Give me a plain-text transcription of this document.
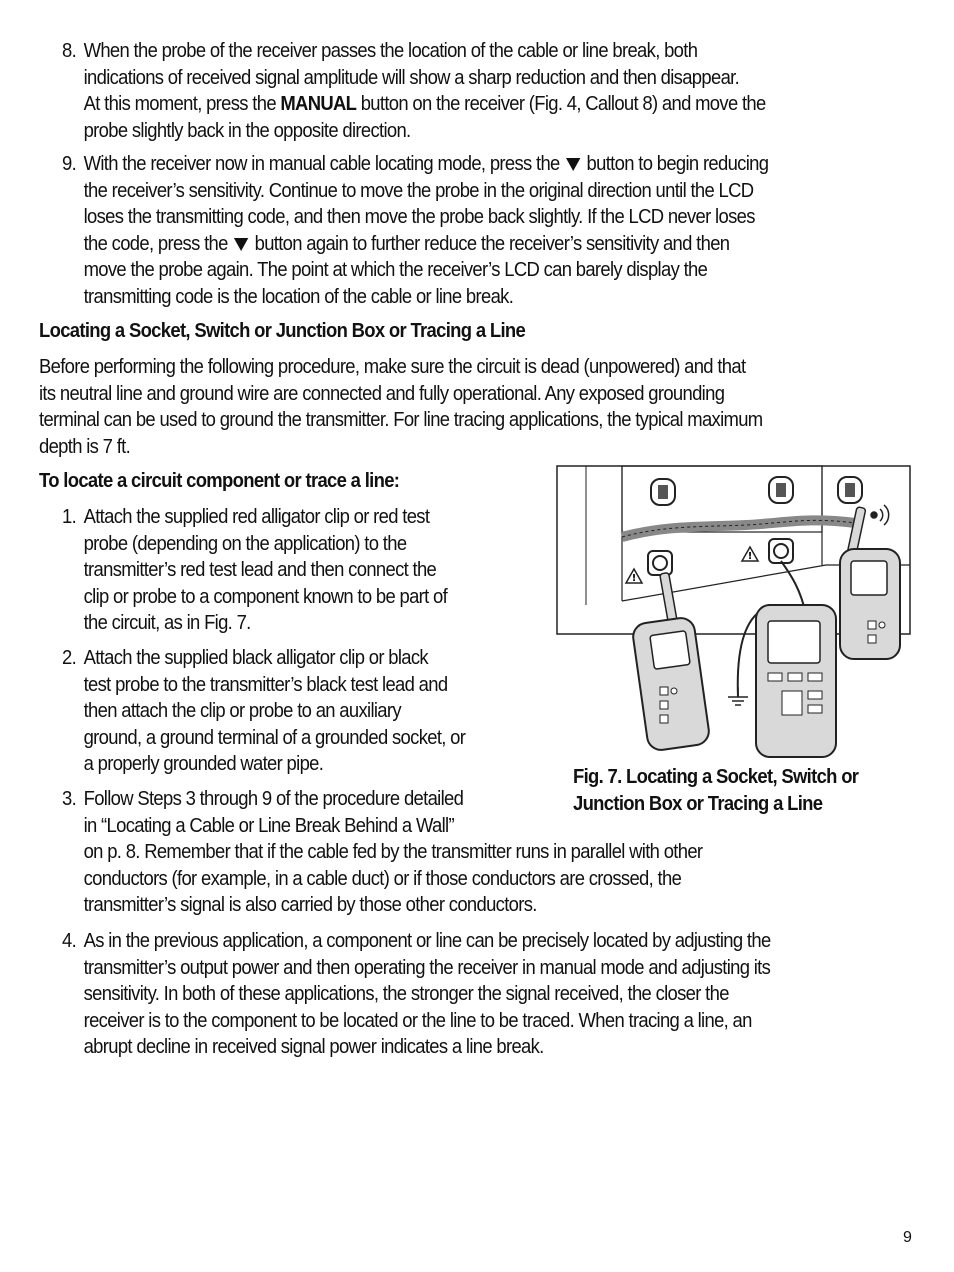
8. When the probe of the receiver passes the location of the cable or line break, both
indications of received signal amplitude will show a sharp reduction and then disappear.
At this moment, press the MANUAL button on the receiver (Fig. 4, Callout 8) and move the
probe slightly back in the opposite direction.
9. With the receiver now in manual cable locating mode, press the  button to begin reducing
the receiver’s sensitivity. Continue to move the probe in the original direction until the LCD
loses the transmitting code, and then move the probe back slightly. If the LCD never loses
the code, press the  button again to further reduce the receiver’s sensitivity and then
move the probe again. The point at which the receiver’s LCD can barely display the
transmitting code is the location of the cable or line break.
Locating a Socket, Switch or Junction Box or Tracing a Line
Before performing the following procedure, make sure the circuit is dead (unpowered) and that
its neutral line and ground wire are connected and fully operational. Any exposed grounding
terminal can be used to ground the transmitter. For line tracing applications, the typical maximum
depth is 7 ft.
To locate a circuit component or trace a line:
1. Attach the supplied red alligator clip or red test
probe (depending on the application) to the
transmitter’s red test lead and then connect the
clip or probe to a component known to be part of
the circuit, as in Fig. 7.
2. Attach the supplied black alligator clip or black
test probe to the transmitter’s black test lead and
then attach the clip or probe to an auxiliary
ground, a ground terminal of a grounded socket, or
a properly grounded water pipe.
3. Follow Steps 3 through 9 of the procedure detailed
in “Locating a Cable or Line Break Behind a Wall”
on p. 8. Remember that if the cable fed by the transmitter runs in parallel with other
conductors (for example, in a cable duct) or if those conductors are crossed, the
transmitter’s signal is also carried by those other conductors.
4. As in the previous application, a component or line can be precisely located by adjusting the
transmitter’s output power and then operating the receiver in manual mode and adjusting its
sensitivity. In both of these applications, the stronger the signal received, the closer the
receiver is to the component to be located or the line to be traced. When tracing a line, an
abrupt decline in received signal power indicates a line break.
!
!
Fig. 7. Locating a Socket, Switch or
Junction Box or Tracing a Line
9
